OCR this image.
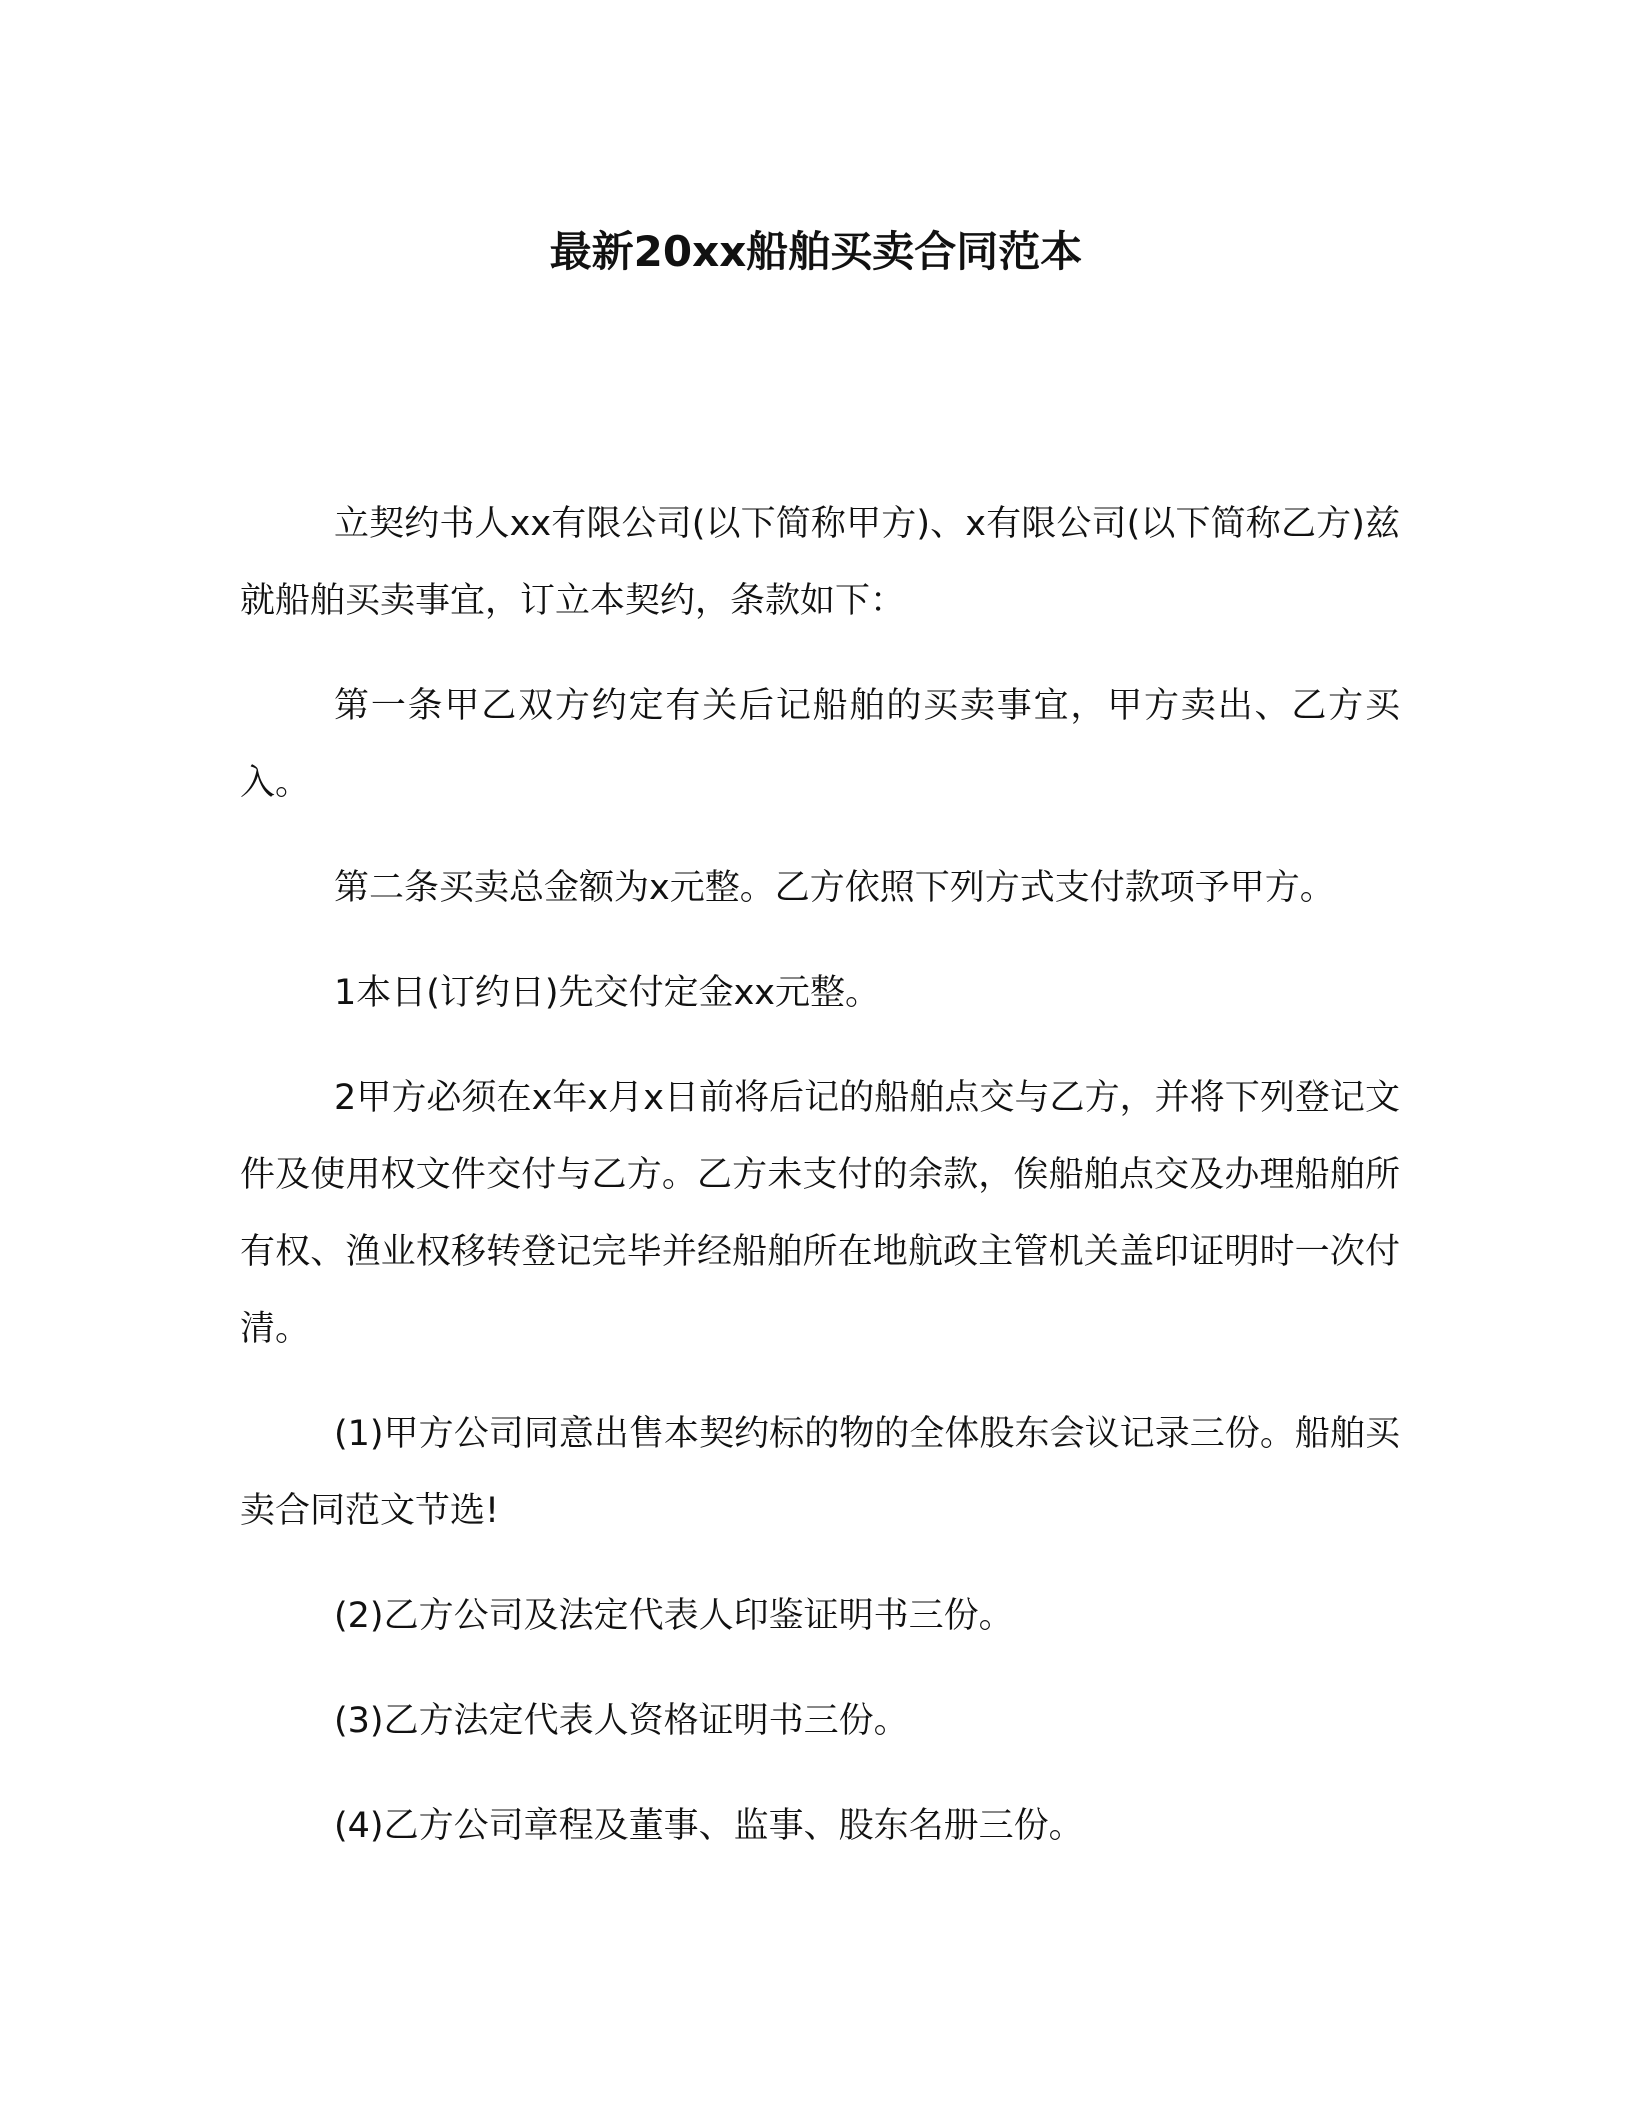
最新20xx船舶买卖合同范本

立契约书人xx有限公司(以下简称甲方)、x有限公司(以下简称乙方)兹就船舶买卖事宜，订立本契约，条款如下：

第一条甲乙双方约定有关后记船舶的买卖事宜，甲方卖出、乙方买入。

第二条买卖总金额为x元整。乙方依照下列方式支付款项予甲方。

1本日(订约日)先交付定金xx元整。

2甲方必须在x年x月x日前将后记的船舶点交与乙方，并将下列登记文件及使用权文件交付与乙方。乙方未支付的余款，俟船舶点交及办理船舶所有权、渔业权移转登记完毕并经船舶所在地航政主管机关盖印证明时一次付清。

(1)甲方公司同意出售本契约标的物的全体股东会议记录三份。船舶买卖合同范文节选!

(2)乙方公司及法定代表人印鉴证明书三份。

(3)乙方法定代表人资格证明书三份。

(4)乙方公司章程及董事、监事、股东名册三份。
